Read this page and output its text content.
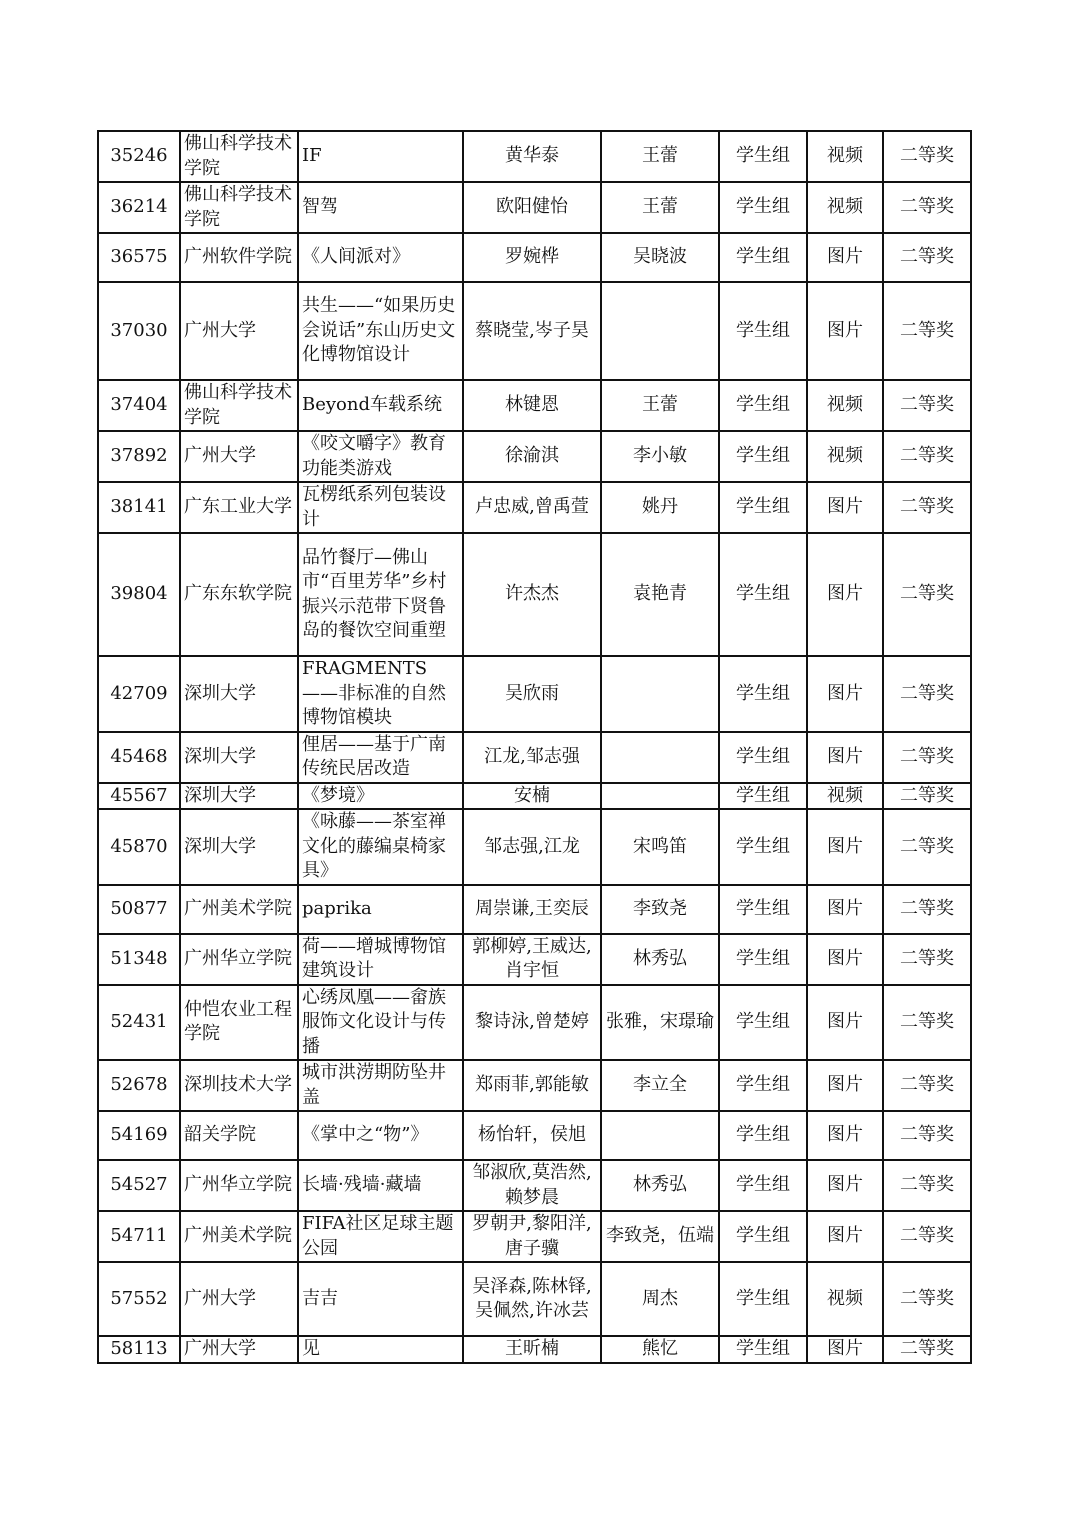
35246	佛山科学技术学院	IF	黄华泰	王蕾	学生组	视频	二等奖
36214	佛山科学技术学院	智驾	欧阳健怡	王蕾	学生组	视频	二等奖
36575	广州软件学院	《人间派对》	罗婉桦	吴晓波	学生组	图片	二等奖
37030	广州大学	共生——“如果历史会说话”东山历史文化博物馆设计	蔡晓莹,岑子昊		学生组	图片	二等奖
37404	佛山科学技术学院	Beyond车载系统	林键恩	王蕾	学生组	视频	二等奖
37892	广州大学	《咬文嚼字》教育功能类游戏	徐渝淇	李小敏	学生组	视频	二等奖
38141	广东工业大学	瓦楞纸系列包装设计	卢忠威,曾禹萱	姚丹	学生组	图片	二等奖
39804	广东东软学院	品竹餐厅—佛山市“百里芳华”乡村振兴示范带下贤鲁岛的餐饮空间重塑	许杰杰	袁艳青	学生组	图片	二等奖
42709	深圳大学	FRAGMENTS——非标准的自然博物馆模块	吴欣雨		学生组	图片	二等奖
45468	深圳大学	俚居——基于广南传统民居改造	江龙,邹志强		学生组	图片	二等奖
45567	深圳大学	《梦境》	安楠		学生组	视频	二等奖
45870	深圳大学	《咏藤——茶室禅文化的藤编桌椅家具》	邹志强,江龙	宋鸣笛	学生组	图片	二等奖
50877	广州美术学院	paprika	周崇谦,王奕辰	李致尧	学生组	图片	二等奖
51348	广州华立学院	荷——增城博物馆建筑设计	郭柳婷,王威达,肖宇恒	林秀弘	学生组	图片	二等奖
52431	仲恺农业工程学院	心绣凤凰——畲族服饰文化设计与传播	黎诗泳,曾楚婷	张雅，宋璟瑜	学生组	图片	二等奖
52678	深圳技术大学	城市洪涝期防坠井盖	郑雨菲,郭能敏	李立全	学生组	图片	二等奖
54169	韶关学院	《掌中之“物”》	杨怡轩，侯旭		学生组	图片	二等奖
54527	广州华立学院	长墙·残墙·藏墙	邹淑欣,莫浩然,赖梦晨	林秀弘	学生组	图片	二等奖
54711	广州美术学院	FIFA社区足球主题公园	罗朝尹,黎阳洋,唐子骥	李致尧，伍端	学生组	图片	二等奖
57552	广州大学	吉吉	吴泽森,陈林铎,吴佩然,许冰芸	周杰	学生组	视频	二等奖
58113	广州大学	见	王昕楠	熊忆	学生组	图片	二等奖
